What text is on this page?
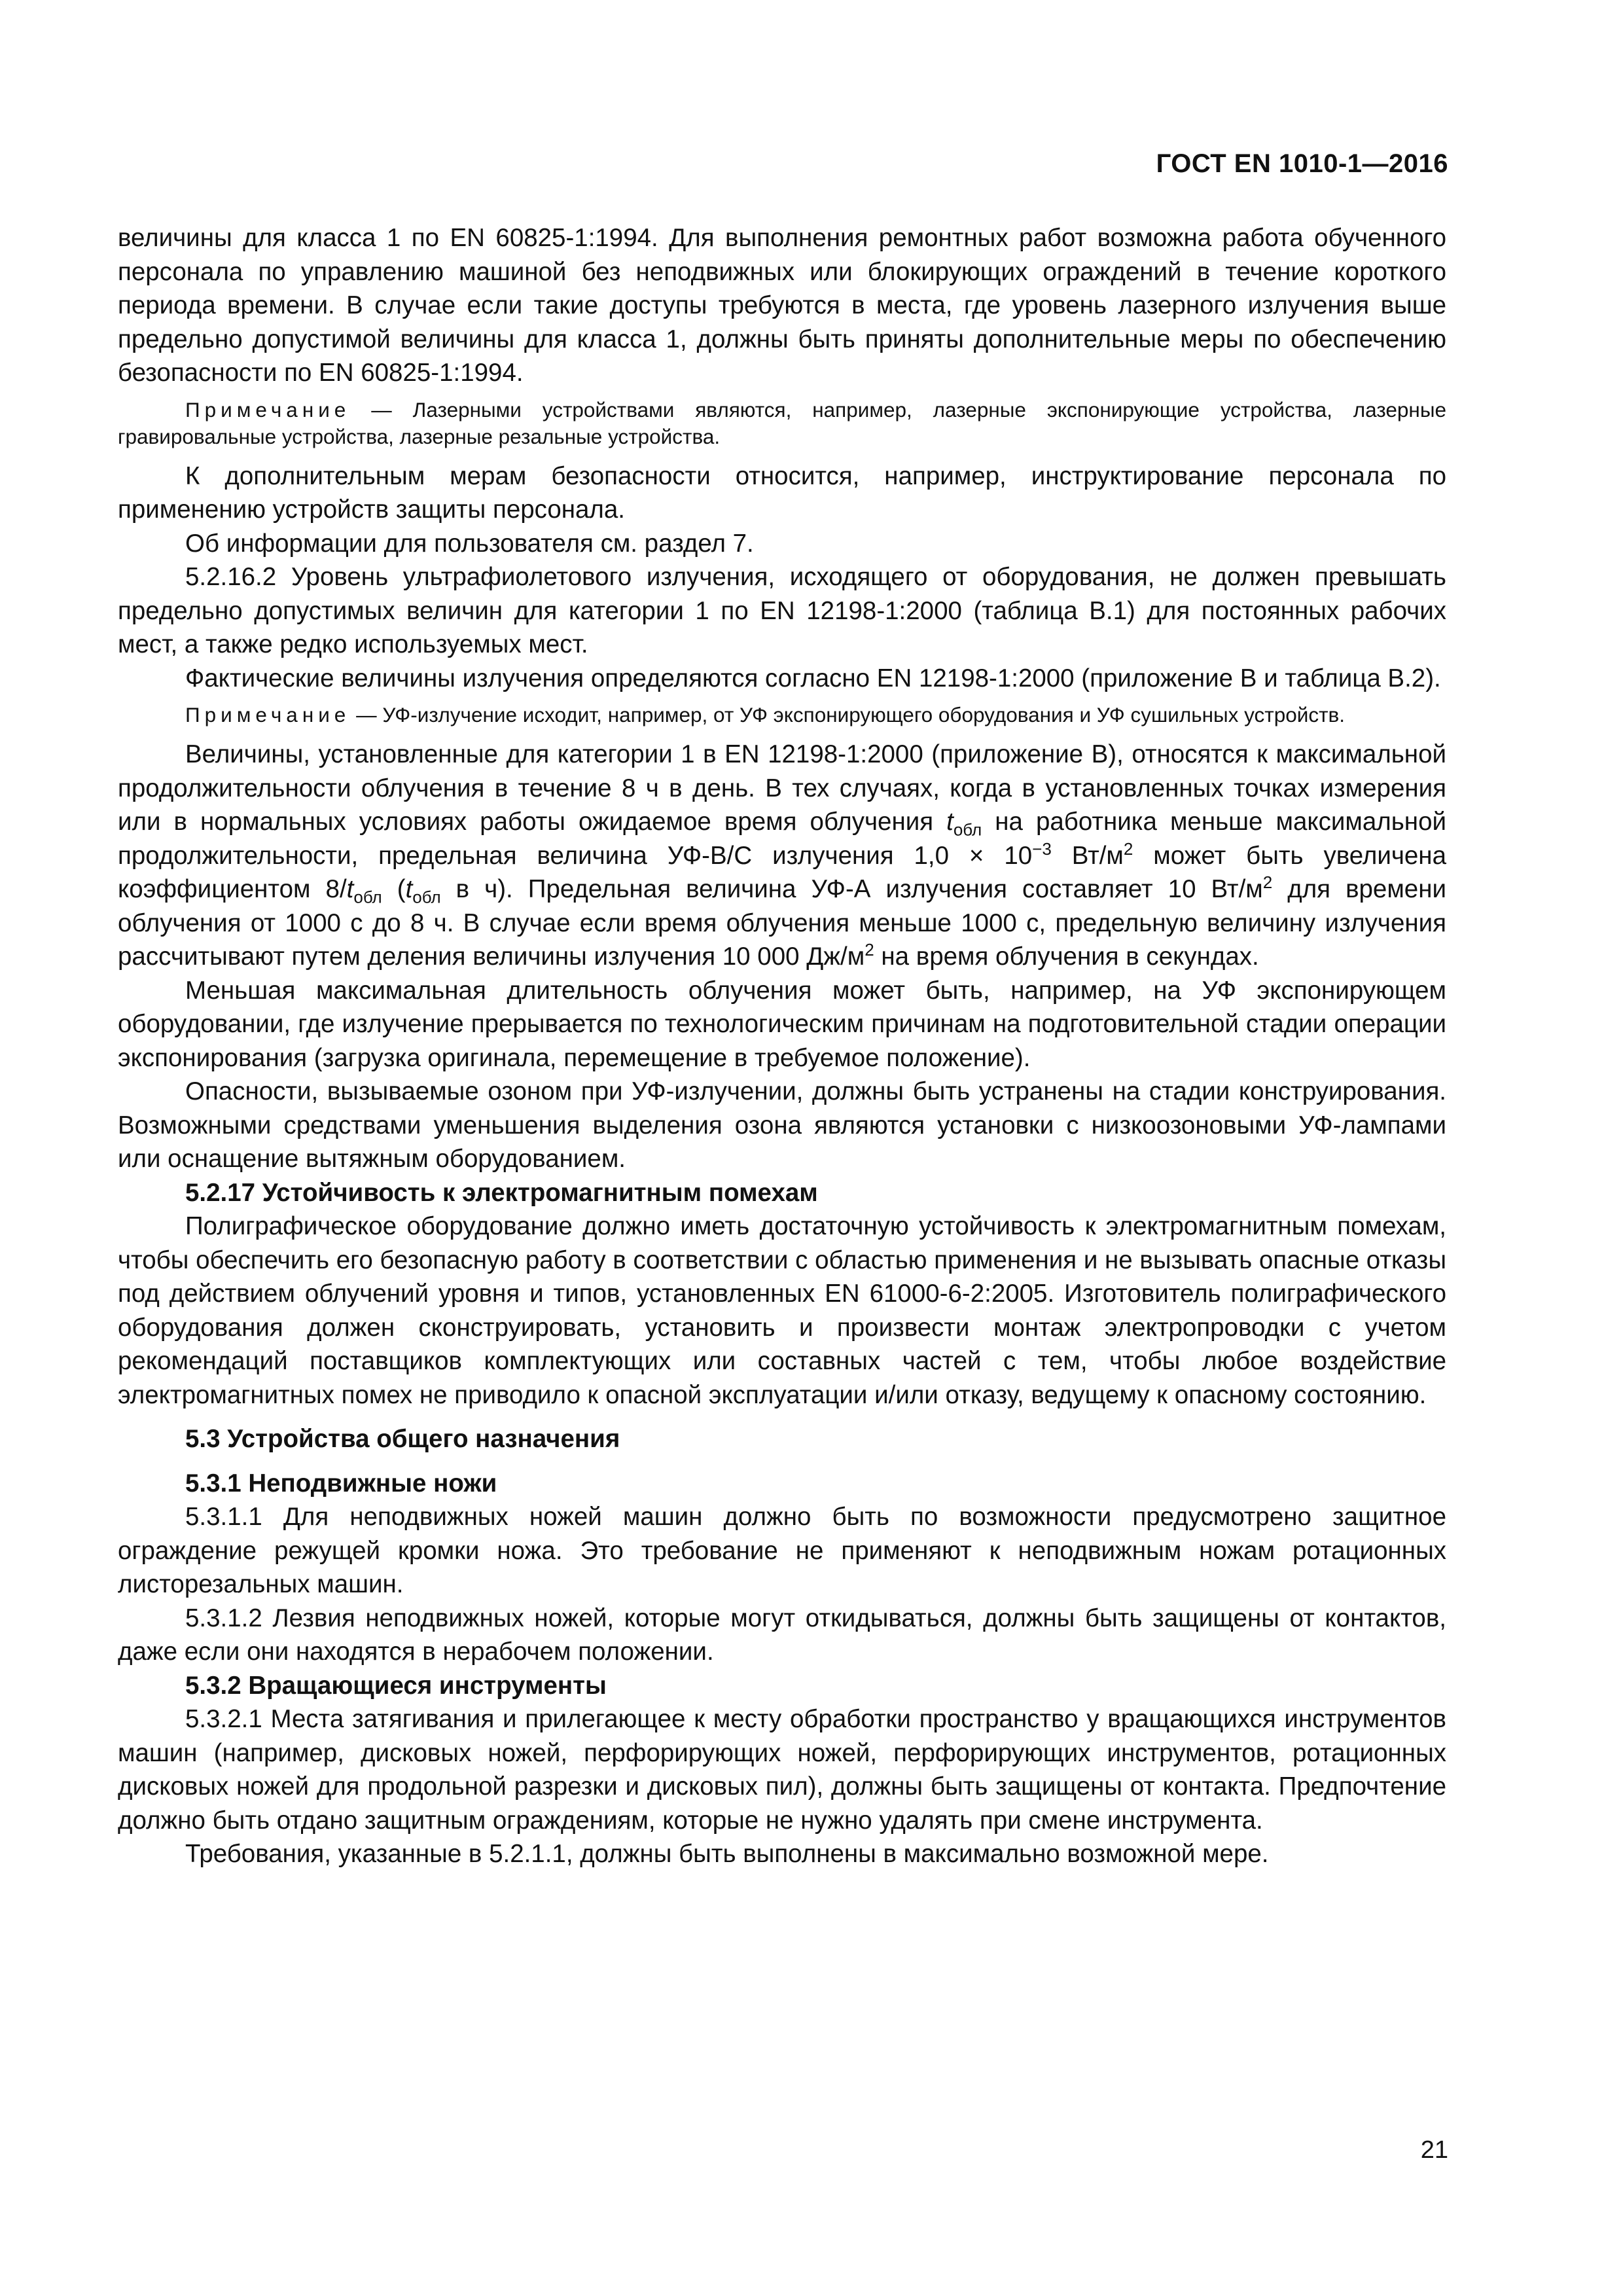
ГОСТ EN 1010-1—2016

величины для класса 1 по EN 60825-1:1994. Для выполнения ремонтных работ возможна работа обученного персонала по управлению машиной без неподвижных или блокирующих ограждений в течение короткого периода времени. В случае если такие доступы требуются в места, где уровень лазерного излучения выше предельно допустимой величины для класса 1, должны быть приняты дополнительные меры по обеспечению безопасности по EN 60825-1:1994.

Примечание — Лазерными устройствами являются, например, лазерные экспонирующие устройства, лазерные гравировальные устройства, лазерные резальные устройства.

К дополнительным мерам безопасности относится, например, инструктирование персонала по применению устройств защиты персонала.

Об информации для пользователя см. раздел 7.

5.2.16.2 Уровень ультрафиолетового излучения, исходящего от оборудования, не должен превышать предельно допустимых величин для категории 1 по EN 12198-1:2000 (таблица В.1) для постоянных рабочих мест, а также редко используемых мест.

Фактические величины излучения определяются согласно EN 12198-1:2000 (приложение В и таблица В.2).

Примечание — УФ-излучение исходит, например, от УФ экспонирующего оборудования и УФ сушильных устройств.

Величины, установленные для категории 1 в EN 12198-1:2000 (приложение В), относятся к максимальной продолжительности облучения в течение 8 ч в день. В тех случаях, когда в установленных точках измерения или в нормальных условиях работы ожидаемое время облучения $t_{обл}$ на работника меньше максимальной продолжительности, предельная величина УФ-В/С излучения $1,0 \times 10^{-3}$ $Вт/м^2$ может быть увеличена коэффициентом $8/t_{обл}$ ($t_{обл}$ в ч). Предельная величина УФ-А излучения составляет 10 $Вт/м^2$ для времени облучения от 1000 с до 8 ч. В случае если время облучения меньше 1000 с, предельную величину излучения рассчитывают путем деления величины излучения 10 000 $Дж/м^2$ на время облучения в секундах.

Меньшая максимальная длительность облучения может быть, например, на УФ экспонирующем оборудовании, где излучение прерывается по технологическим причинам на подготовительной стадии операции экспонирования (загрузка оригинала, перемещение в требуемое положение).

Опасности, вызываемые озоном при УФ-излучении, должны быть устранены на стадии конструирования. Возможными средствами уменьшения выделения озона являются установки с низкоозоновыми УФ-лампами или оснащение вытяжным оборудованием.

5.2.17 Устойчивость к электромагнитным помехам

Полиграфическое оборудование должно иметь достаточную устойчивость к электромагнитным помехам, чтобы обеспечить его безопасную работу в соответствии с областью применения и не вызывать опасные отказы под действием облучений уровня и типов, установленных EN 61000-6-2:2005. Изготовитель полиграфического оборудования должен сконструировать, установить и произвести монтаж электропроводки с учетом рекомендаций поставщиков комплектующих или составных частей с тем, чтобы любое воздействие электромагнитных помех не приводило к опасной эксплуатации и/или отказу, ведущему к опасному состоянию.

5.3 Устройства общего назначения

5.3.1 Неподвижные ножи

5.3.1.1 Для неподвижных ножей машин должно быть по возможности предусмотрено защитное ограждение режущей кромки ножа. Это требование не применяют к неподвижным ножам ротационных листорезальных машин.

5.3.1.2 Лезвия неподвижных ножей, которые могут откидываться, должны быть защищены от контактов, даже если они находятся в нерабочем положении.

5.3.2 Вращающиеся инструменты

5.3.2.1 Места затягивания и прилегающее к месту обработки пространство у вращающихся инструментов машин (например, дисковых ножей, перфорирующих ножей, перфорирующих инструментов, ротационных дисковых ножей для продольной разрезки и дисковых пил), должны быть защищены от контакта. Предпочтение должно быть отдано защитным ограждениям, которые не нужно удалять при смене инструмента.

Требования, указанные в 5.2.1.1, должны быть выполнены в максимально возможной мере.

21
